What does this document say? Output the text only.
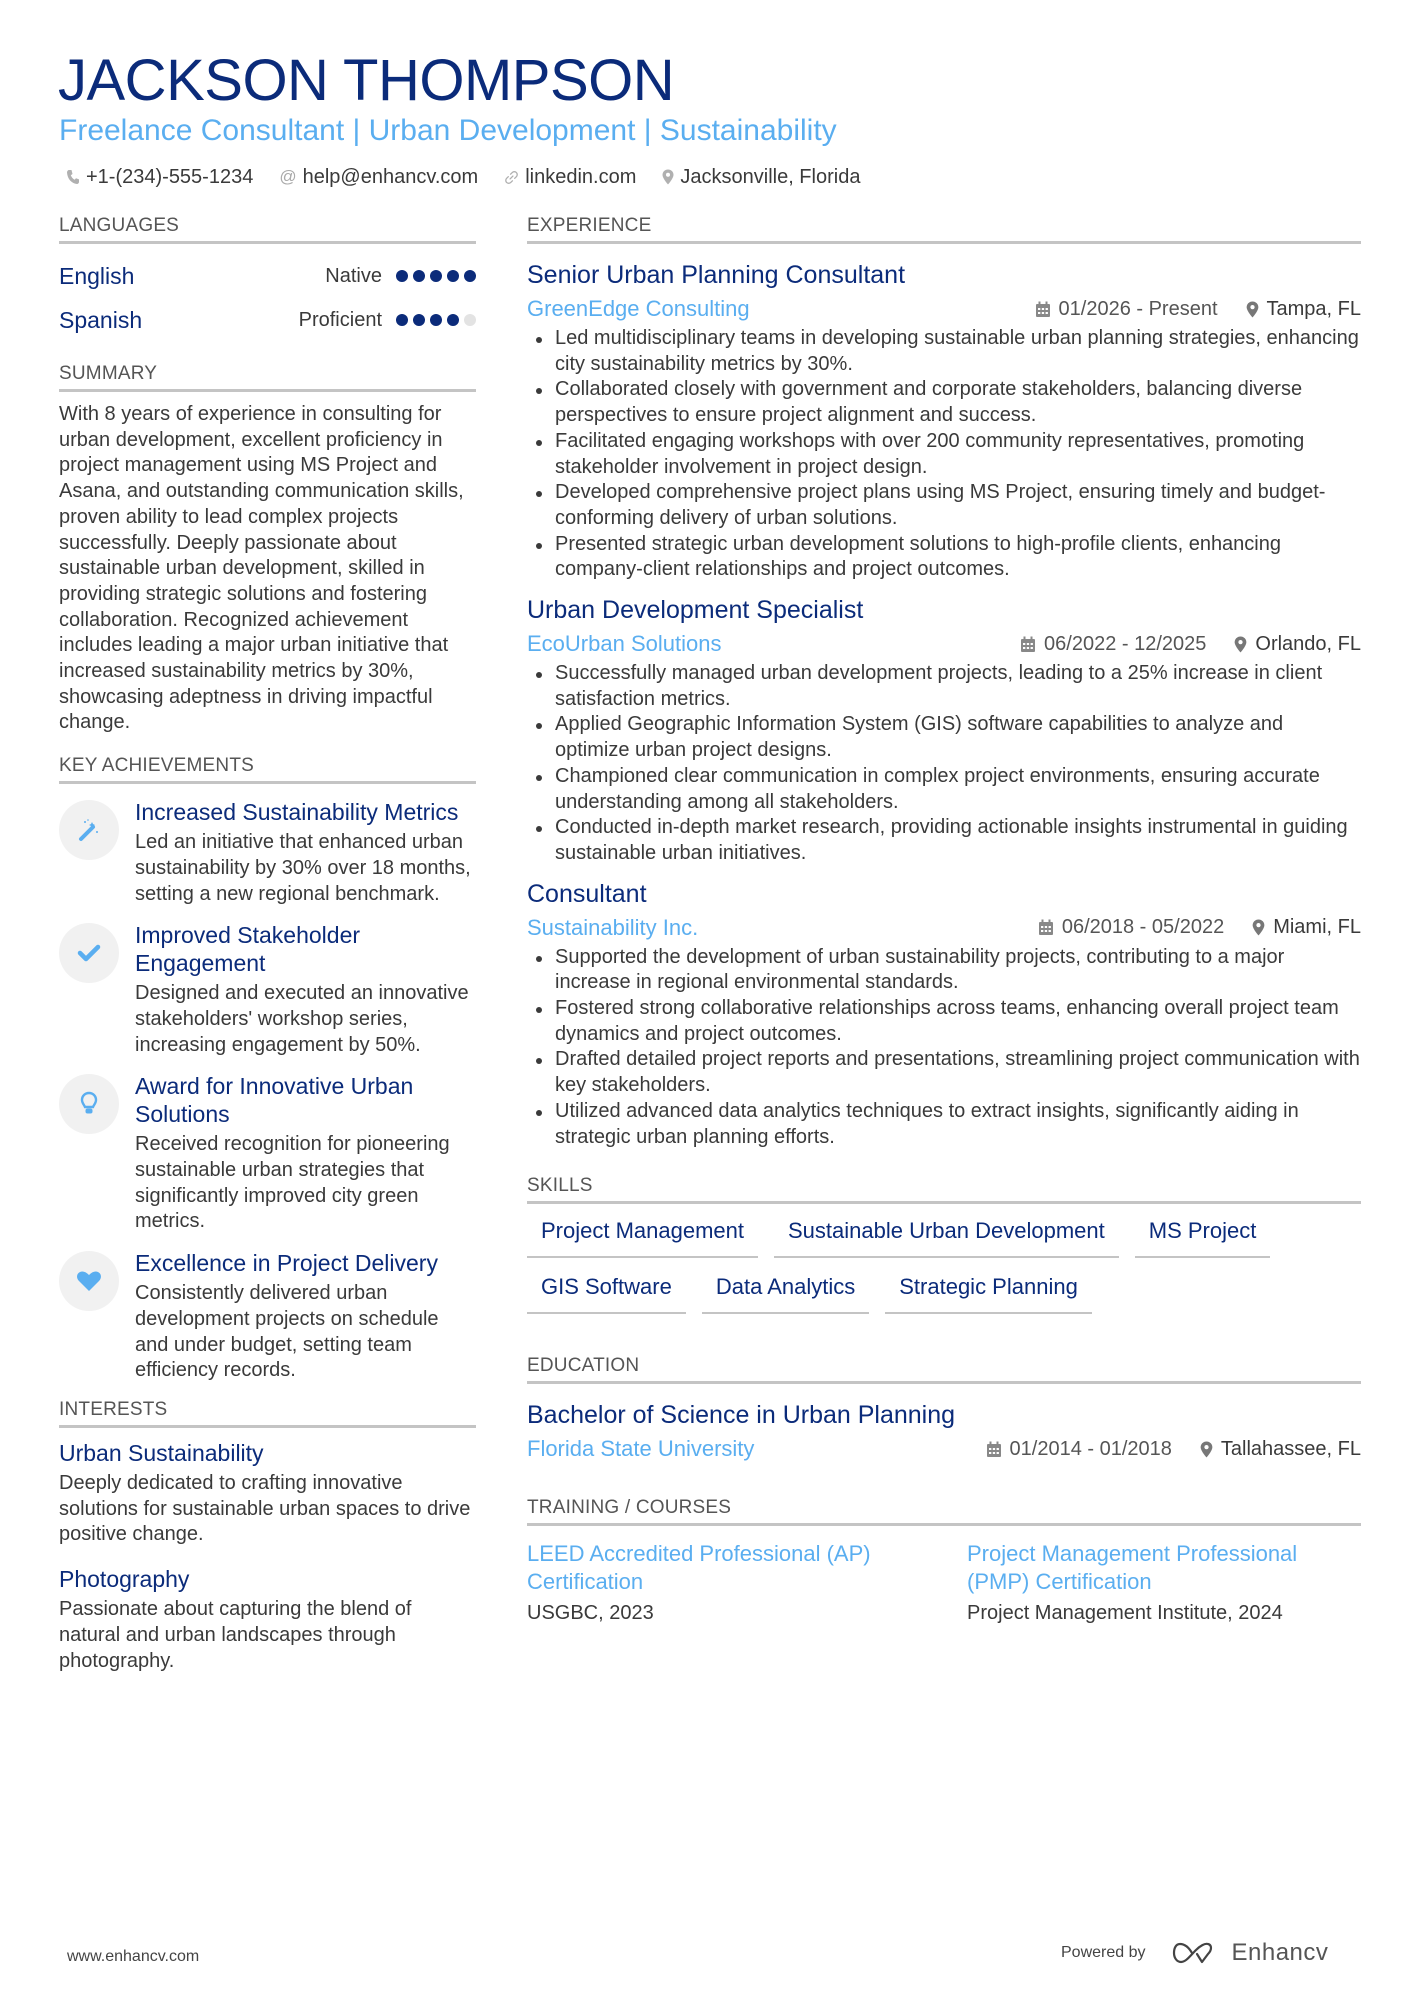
JACKSON THOMPSON
Freelance Consultant | Urban Development | Sustainability
+1-(234)-555-1234 @ help@enhancv.com linkedin.com Jacksonville, Florida
LANGUAGES
English	Native
Spanish	Proficient
SUMMARY

With 8 years of experience in consulting for urban development, excellent proficiency in project management using MS Project and Asana, and outstanding communication skills, proven ability to lead complex projects successfully. Deeply passionate about sustainable urban development, skilled in providing strategic solutions and fostering collaboration. Recognized achievement includes leading a major urban initiative that increased sustainability metrics by 30%, showcasing adeptness in driving impactful change.

KEY ACHIEVEMENTS
Increased Sustainability Metrics
Led an initiative that enhanced urban sustainability by 30% over 18 months, setting a new regional benchmark.
Improved Stakeholder Engagement
Designed and executed an innovative stakeholders' workshop series, increasing engagement by 50%.
Award for Innovative Urban Solutions
Received recognition for pioneering sustainable urban strategies that significantly improved city green metrics.
Excellence in Project Delivery
Consistently delivered urban development projects on schedule and under budget, setting team efficiency records.
INTERESTS
Urban Sustainability
Deeply dedicated to crafting innovative solutions for sustainable urban spaces to drive positive change.
Photography
Passionate about capturing the blend of natural and urban landscapes through photography.
EXPERIENCE
Senior Urban Planning Consultant
GreenEdge Consulting	01/2026 - Present Tampa, FL
Led multidisciplinary teams in developing sustainable urban planning strategies, enhancing city sustainability metrics by 30%.
Collaborated closely with government and corporate stakeholders, balancing diverse perspectives to ensure project alignment and success.
Facilitated engaging workshops with over 200 community representatives, promoting stakeholder involvement in project design.
Developed comprehensive project plans using MS Project, ensuring timely and budget-conforming delivery of urban solutions.
Presented strategic urban development solutions to high-profile clients, enhancing company-client relationships and project outcomes.
Urban Development Specialist
EcoUrban Solutions	06/2022 - 12/2025 Orlando, FL
Successfully managed urban development projects, leading to a 25% increase in client satisfaction metrics.
Applied Geographic Information System (GIS) software capabilities to analyze and optimize urban project designs.
Championed clear communication in complex project environments, ensuring accurate understanding among all stakeholders.
Conducted in-depth market research, providing actionable insights instrumental in guiding sustainable urban initiatives.
Consultant
Sustainability Inc.	06/2018 - 05/2022 Miami, FL
Supported the development of urban sustainability projects, contributing to a major increase in regional environmental standards.
Fostered strong collaborative relationships across teams, enhancing overall project team dynamics and project outcomes.
Drafted detailed project reports and presentations, streamlining project communication with key stakeholders.
Utilized advanced data analytics techniques to extract insights, significantly aiding in strategic urban planning efforts.
SKILLS
Project Management	Sustainable Urban Development	MS Project
GIS Software	Data Analytics	Strategic Planning
EDUCATION
Bachelor of Science in Urban Planning
Florida State University	01/2014 - 01/2018 Tallahassee, FL
TRAINING / COURSES
LEED Accredited Professional (AP) Certification
USGBC, 2023
Project Management Professional (PMP) Certification
Project Management Institute, 2024
www.enhancv.com	Powered by	Enhancv
